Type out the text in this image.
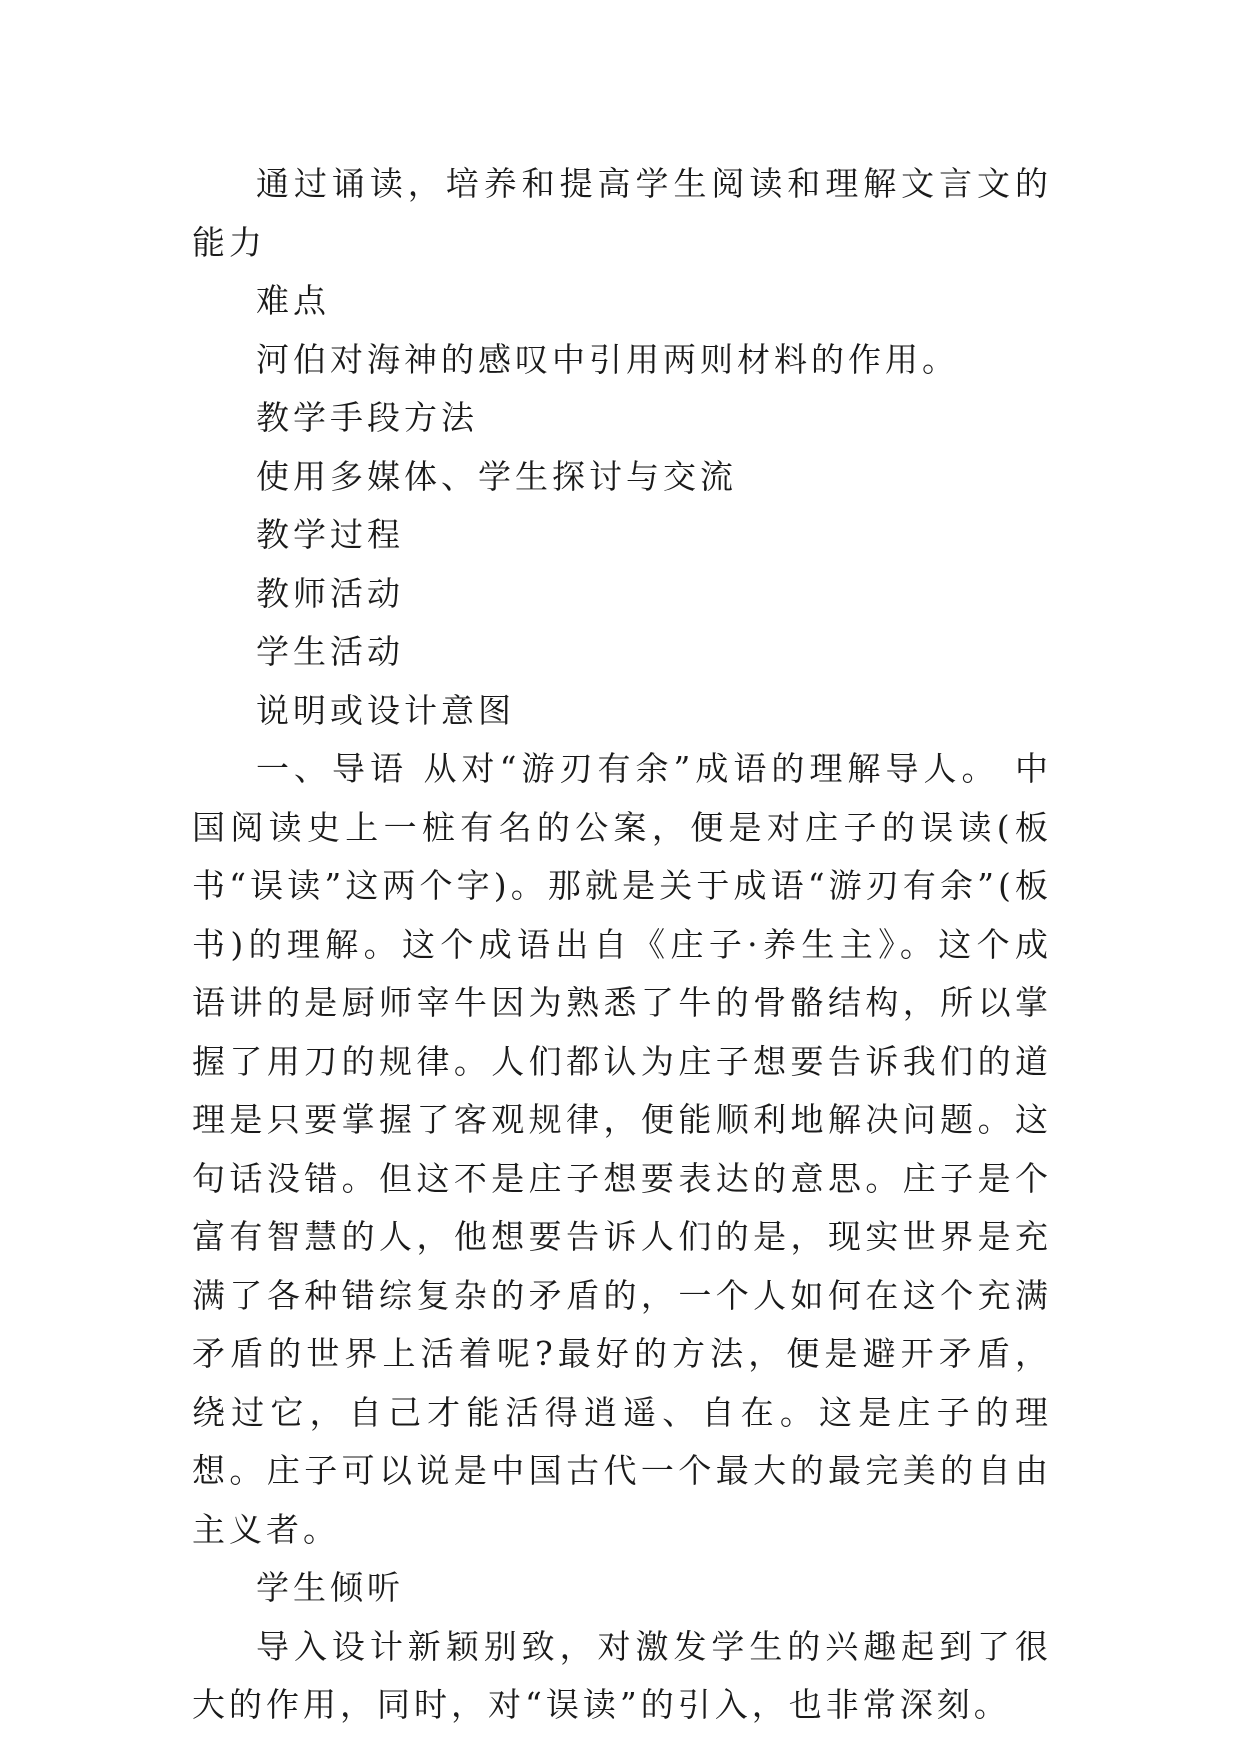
通过诵读，培养和提高学生阅读和理解文言文的能力

难点

河伯对海神的感叹中引用两则材料的作用。

教学手段方法

使用多媒体、学生探讨与交流

教学过程

教师活动

学生活动

说明或设计意图

一、导语 从对“游刃有余”成语的理解导人。 中国阅读史上一桩有名的公案，便是对庄子的误读(板书“误读”这两个字)。那就是关于成语“游刃有余”(板书)的理解。这个成语出自《庄子·养生主》。这个成语讲的是厨师宰牛因为熟悉了牛的骨骼结构，所以掌握了用刀的规律。人们都认为庄子想要告诉我们的道理是只要掌握了客观规律，便能顺利地解决问题。这句话没错。但这不是庄子想要表达的意思。庄子是个富有智慧的人，他想要告诉人们的是，现实世界是充满了各种错综复杂的矛盾的，一个人如何在这个充满矛盾的世界上活着呢?最好的方法，便是避开矛盾，绕过它，自己才能活得逍遥、自在。这是庄子的理想。庄子可以说是中国古代一个最大的最完美的自由主义者。

学生倾听

导入设计新颖别致，对激发学生的兴趣起到了很大的作用，同时，对“误读”的引入，也非常深刻。
